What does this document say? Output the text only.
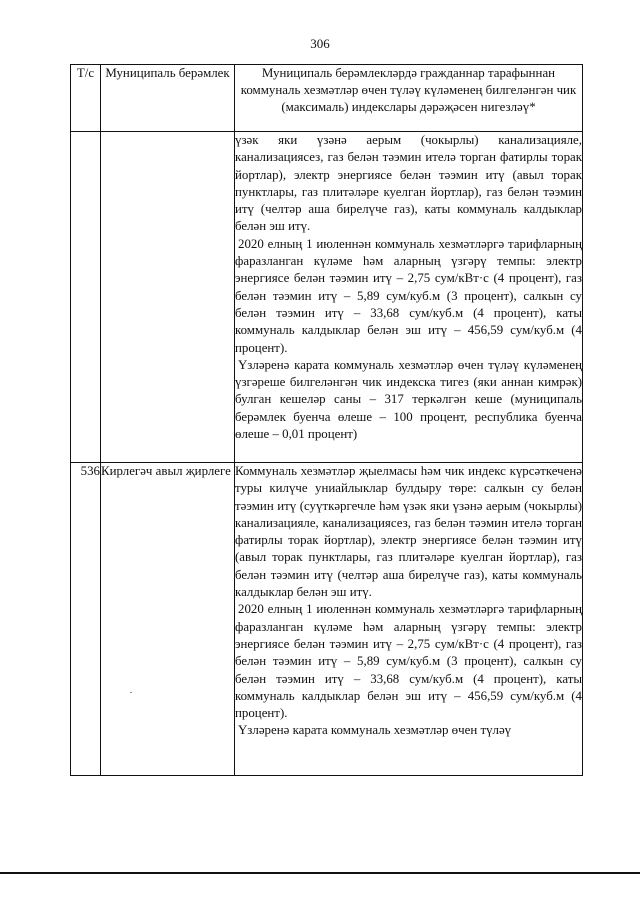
306
Т/с	Муниципаль берәмлек	Муниципаль берәмлекләрдә гражданнар тарафыннан коммуналь хезмәтләр өчен түләү күләменең билгеләнгән чик (максималь) индекслары дәрәҗәсен нигезләү*

		үзәк яки үзәнә аерым (чокырлы) канализацияле, канализациясез, газ белән тәэмин ителә торган фатирлы торак йортлар), электр энергиясе белән тәэмин итү (авыл торак пунктлары, газ плитәләре куелган йортлар), газ белән тәэмин итү (челтәр аша бирелүче газ), каты коммуналь калдыклар белән эш итү.

2020 елның 1 июленнән коммуналь хезмәтләргә тарифларның фаразланган күләме һәм аларның үзгәрү темпы: электр энергиясе белән тәэмин итү – 2,75 сум/кВт·с (4 процент), газ белән тәэмин итү – 5,89 сум/куб.м (3 процент), салкын су белән тәэмин итү – 33,68 сум/куб.м (4 процент), каты коммуналь калдыклар белән эш итү – 456,59 сум/куб.м (4 процент).

Үзләренә карата коммуналь хезмәтләр өчен түләү күләменең үзгәреше билгеләнгән чик индекска тигез (яки аннан кимрәк) булган кешеләр саны – 317 теркәлгән кеше (муниципаль берәмлек буенча өлеше – 100 процент, республика буенча өлеше – 0,01 процент)

536	Кирлегәч авыл җирлеге	Коммуналь хезмәтләр җыелмасы һәм чик индекс күрсәткеченә туры килүче униайлыклар булдыру төре: салкын су белән тәэмин итү (суүткәргечле һәм үзәк яки үзәнә аерым (чокырлы) канализацияле, канализациясез, газ белән тәэмин ителә торган фатирлы торак йортлар), электр энергиясе белән тәэмин итү (авыл торак пунктлары, газ плитәләре куелган йортлар), газ белән тәэмин итү (челтәр аша бирелүче газ), каты коммуналь калдыклар белән эш итү.

2020 елның 1 июленнән коммуналь хезмәтләргә тарифларның фаразланган күләме һәм аларның үзгәрү темпы: электр энергиясе белән тәэмин итү – 2,75 сум/кВт·с (4 процент), газ белән тәэмин итү – 5,89 сум/куб.м (3 процент), салкын су белән тәэмин итү – 33,68 сум/куб.м (4 процент), каты коммуналь калдыклар белән эш итү – 456,59 сум/куб.м (4 процент).

Үзләренә карата коммуналь хезмәтләр өчен түләү
